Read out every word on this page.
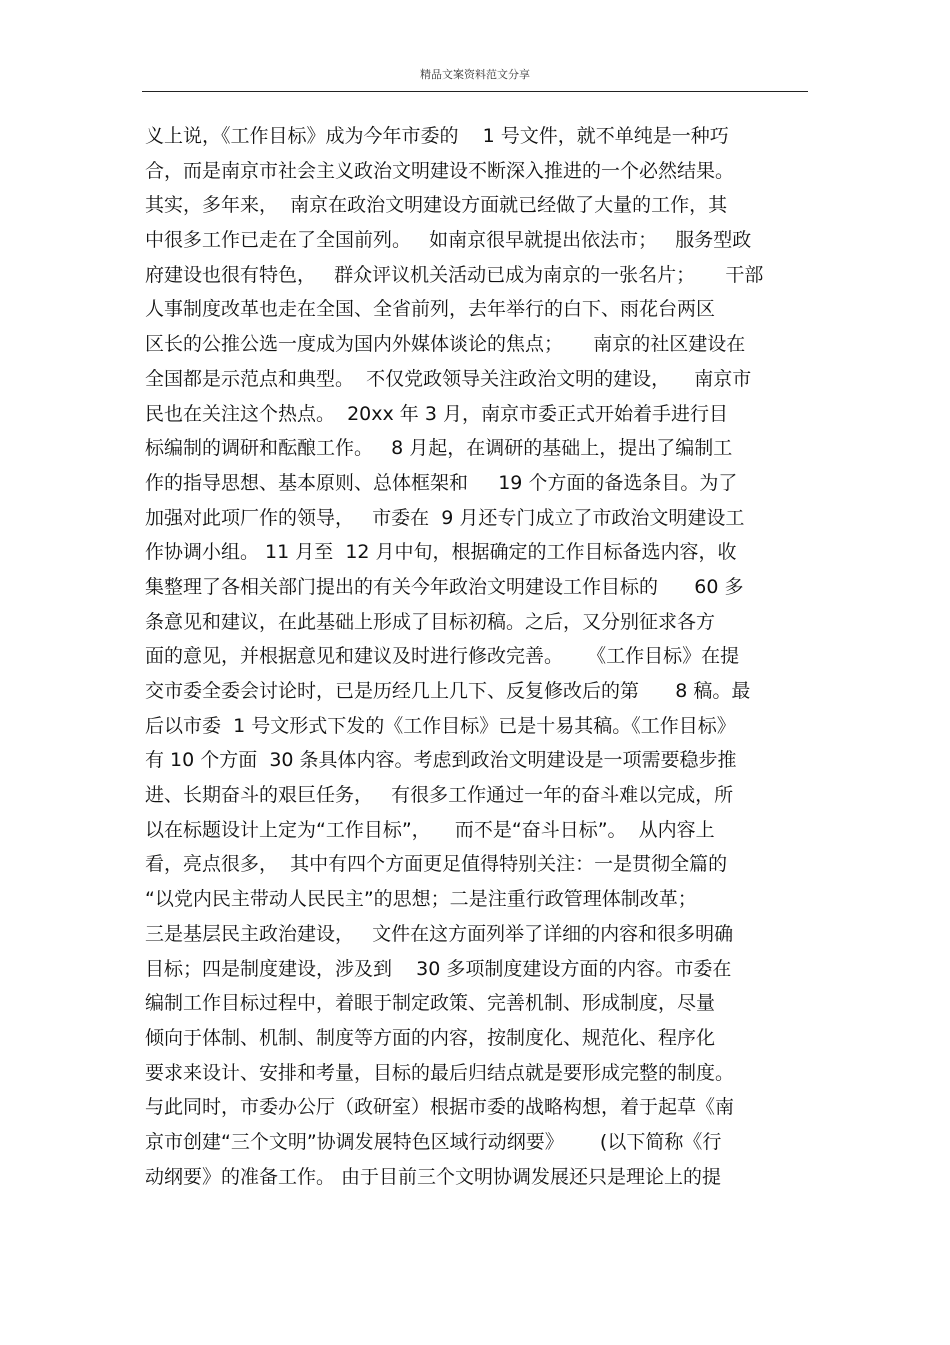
精品文案资料范文分享
义上说，《工作目标》成为今年市委的    1 号文件，就不单纯是一种巧
合，而是南京市社会主义政治文明建设不断深入推进的一个必然结果。
其实，多年来，  南京在政治文明建设方面就已经做了大量的工作，其
中很多工作已走在了全国前列。   如南京很早就提出依法市；   服务型政
府建设也很有特色，   群众评议机关活动已成为南京的一张名片；     干部
人事制度改革也走在全国、全省前列，去年举行的白下、雨花台两区
区长的公推公选一度成为国内外媒体谈论的焦点；     南京的社区建设在
全国都是示范点和典型。  不仅党政领导关注政治文明的建设，    南京市
民也在关注这个热点。  20xx 年 3 月，南京市委正式开始着手进行目
标编制的调研和酝酿工作。   8 月起，在调研的基础上，提出了编制工
作的指导思想、基本原则、总体框架和     19 个方面的备选条目。为了
加强对此项厂作的领导，   市委在  9 月还专门成立了市政治文明建设工
作协调小组。 11 月至  12 月中旬，根据确定的工作目标备选内容，收
集整理了各相关部门提出的有关今年政治文明建设工作目标的      60 多
条意见和建议，在此基础上形成了目标初稿。之后，又分别征求各方
面的意见，并根据意见和建议及时进行修改完善。    《工作目标》在提
交市委全委会讨论时，已是历经几上几下、反复修改后的第      8 稿。最
后以市委  1 号文形式下发的《工作目标》已是十易其稿。《工作目标》
有 10 个方面  30 条具体内容。考虑到政治文明建设是一项需要稳步推
进、长期奋斗的艰巨任务，   有很多工作通过一年的奋斗难以完成，所
以在标题设计上定为“工作目标”，    而不是“奋斗日标”。  从内容上
看，亮点很多，  其中有四个方面更足值得特别关注：一是贯彻全篇的
“以党内民主带动人民民主”的思想；二是注重行政管理体制改革；
三是基层民主政治建设，   文件在这方面列举了详细的内容和很多明确
目标；四是制度建设，涉及到    30 多项制度建设方面的内容。市委在
编制工作目标过程中，着眼于制定政策、完善机制、形成制度，尽量
倾向于体制、机制、制度等方面的内容，按制度化、规范化、程序化
要求来设计、安排和考量，目标的最后归结点就是要形成完整的制度。
与此同时，市委办公厅（政研室）根据市委的战略构想，着于起草《南
京市创建“三个文明”协调发展特色区域行动纲要》      (以下简称《行
动纲要》的准备工作。 由于目前三个文明协调发展还只是理论上的提
